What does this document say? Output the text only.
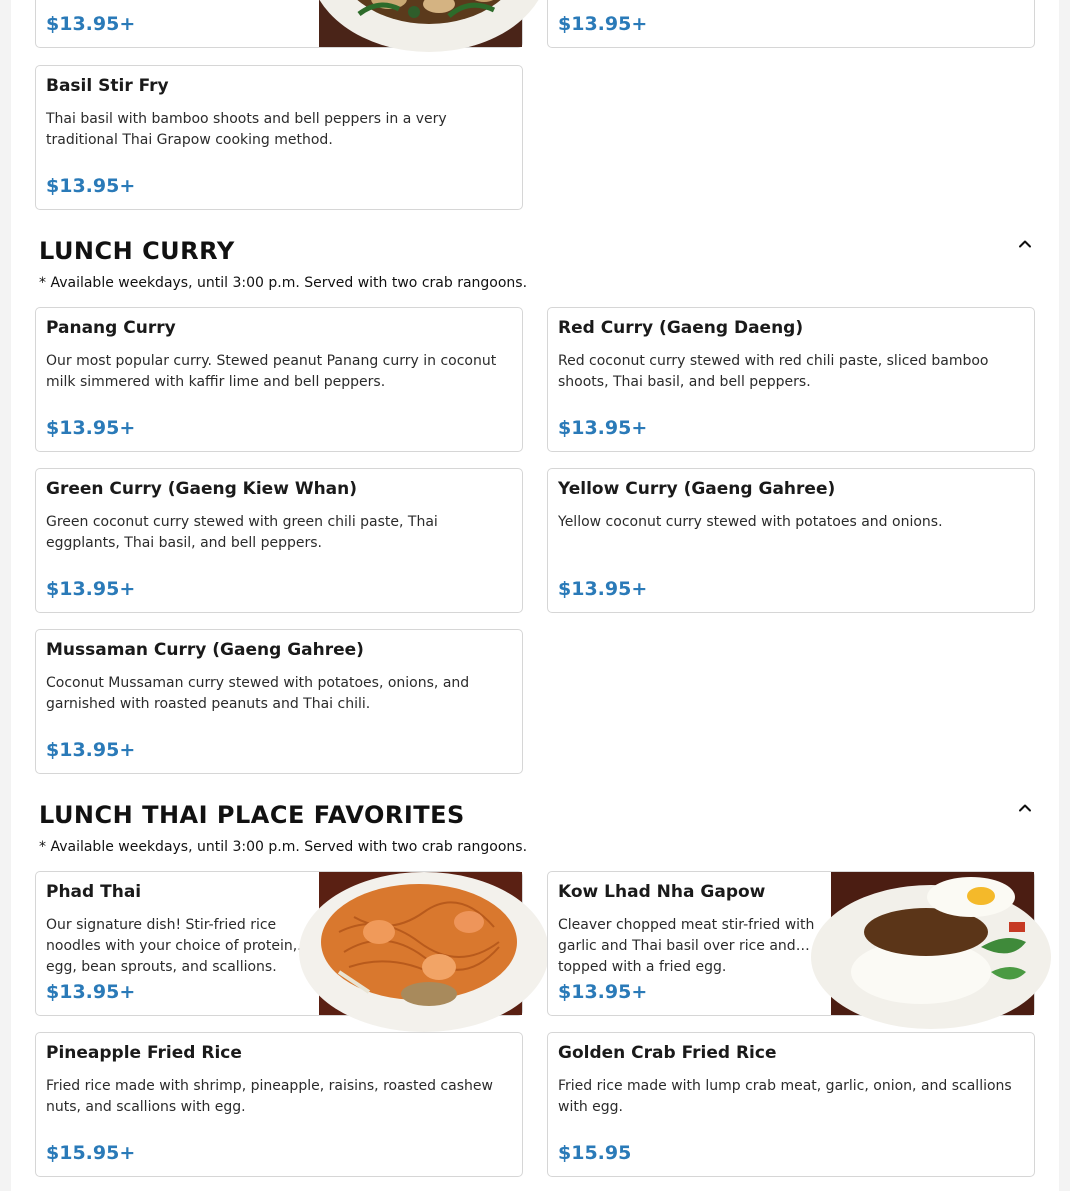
$13.95+	$13.95+
Basil Stir Fry
Thai basil with bamboo shoots and bell peppers in a very traditional Thai Grapow cooking method.
$13.95+
LUNCH CURRY
* Available weekdays, until 3:00 p.m. Served with two crab rangoons.
Panang Curry
Our most popular curry. Stewed peanut Panang curry in coconut milk simmered with kaffir lime and bell peppers.
$13.95+
Red Curry (Gaeng Daeng)
Red coconut curry stewed with red chili paste, sliced bamboo shoots, Thai basil, and bell peppers.
$13.95+
Green Curry (Gaeng Kiew Whan)
Green coconut curry stewed with green chili paste, Thai eggplants, Thai basil, and bell peppers.
$13.95+
Yellow Curry (Gaeng Gahree)
Yellow coconut curry stewed with potatoes and onions.
$13.95+
Mussaman Curry (Gaeng Gahree)
Coconut Mussaman curry stewed with potatoes, onions, and garnished with roasted peanuts and Thai chili.
$13.95+
LUNCH THAI PLACE FAVORITES
* Available weekdays, until 3:00 p.m. Served with two crab rangoons.
Phad Thai
Our signature dish! Stir-fried rice noodles with your choice of protein, egg, bean sprouts, and scallions.
$13.95+
Kow Lhad Nha Gapow
Cleaver chopped meat stir-fried with garlic and Thai basil over rice and topped with a fried egg.
$13.95+
Pineapple Fried Rice
Fried rice made with shrimp, pineapple, raisins, roasted cashew nuts, and scallions with egg.
$15.95+
Golden Crab Fried Rice
Fried rice made with lump crab meat, garlic, onion, and scallions with egg.
$15.95
